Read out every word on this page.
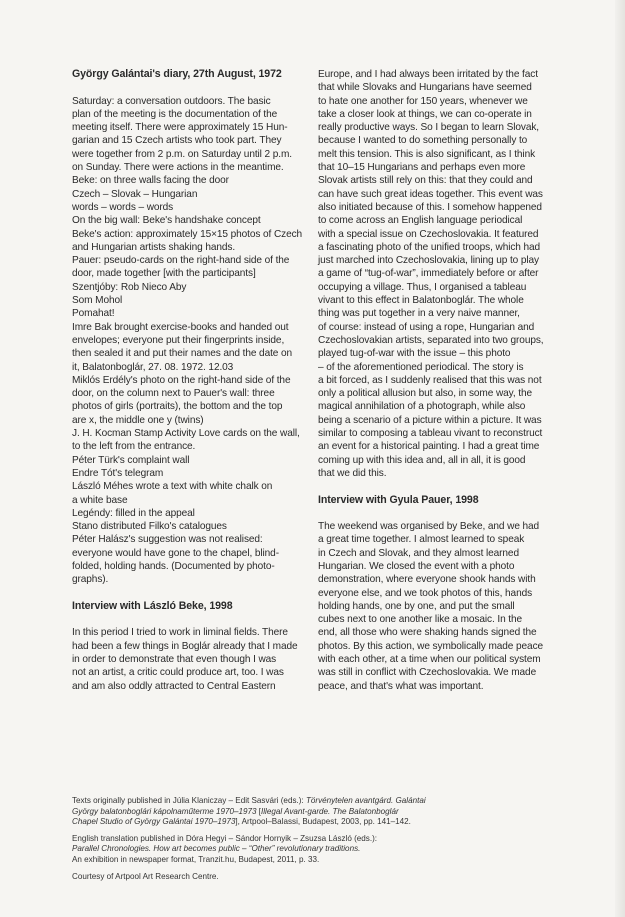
György Galántai's diary, 27th August, 1972

Saturday: a conversation outdoors. The basic

plan of the meeting is the documentation of the

meeting itself. There were approximately 15 Hun-

garian and 15 Czech artists who took part. They

were together from 2 p.m. on Saturday until 2 p.m.

on Sunday. There were actions in the meantime.

Beke: on three walls facing the door

Czech – Slovak – Hungarian

words – words – words

On the big wall: Beke's handshake concept

Beke's action: approximately 15×15 photos of Czech

and Hungarian artists shaking hands.

Pauer: pseudo-cards on the right-hand side of the

door, made together [with the participants]

Szentjóby: Rob Nieco Aby

Som Mohol

Pomahat!

Imre Bak brought exercise-books and handed out

envelopes; everyone put their fingerprints inside,

then sealed it and put their names and the date on

it, Balatonboglár, 27. 08. 1972. 12.03

Miklós Erdély's photo on the right-hand side of the

door, on the column next to Pauer's wall: three

photos of girls (portraits), the bottom and the top

are x, the middle one y (twins)

J. H. Kocman Stamp Activity Love cards on the wall,

to the left from the entrance.

Péter Türk's complaint wall

Endre Tót's telegram

László Méhes wrote a text with white chalk on

a white base

Legéndy: filled in the appeal

Stano distributed Filko's catalogues

Péter Halász's suggestion was not realised:

everyone would have gone to the chapel, blind-

folded, holding hands. (Documented by photo-

graphs).

Interview with László Beke, 1998

In this period I tried to work in liminal fields. There

had been a few things in Boglár already that I made

in order to demonstrate that even though I was

not an artist, a critic could produce art, too. I was

and am also oddly attracted to Central Eastern

Europe, and I had always been irritated by the fact

that while Slovaks and Hungarians have seemed

to hate one another for 150 years, whenever we

take a closer look at things, we can co-operate in

really productive ways. So I began to learn Slovak,

because I wanted to do something personally to

melt this tension. This is also significant, as I think

that 10–15 Hungarians and perhaps even more

Slovak artists still rely on this: that they could and

can have such great ideas together. This event was

also initiated because of this. I somehow happened

to come across an English language periodical

with a special issue on Czechoslovakia. It featured

a fascinating photo of the unified troops, which had

just marched into Czechoslovakia, lining up to play

a game of “tug-of-war”, immediately before or after

occupying a village. Thus, I organised a tableau

vivant to this effect in Balatonboglár. The whole

thing was put together in a very naive manner,

of course: instead of using a rope, Hungarian and

Czechoslovakian artists, separated into two groups,

played tug-of-war with the issue – this photo

– of the aforementioned periodical. The story is

a bit forced, as I suddenly realised that this was not

only a political allusion but also, in some way, the

magical annihilation of a photograph, while also

being a scenario of a picture within a picture. It was

similar to composing a tableau vivant to reconstruct

an event for a historical painting. I had a great time

coming up with this idea and, all in all, it is good

that we did this.

Interview with Gyula Pauer, 1998

The weekend was organised by Beke, and we had

a great time together. I almost learned to speak

in Czech and Slovak, and they almost learned

Hungarian. We closed the event with a photo

demonstration, where everyone shook hands with

everyone else, and we took photos of this, hands

holding hands, one by one, and put the small

cubes next to one another like a mosaic. In the

end, all those who were shaking hands signed the

photos. By this action, we symbolically made peace

with each other, at a time when our political system

was still in conflict with Czechoslovakia. We made

peace, and that's what was important.

Texts originally published in Júlia Klaniczay – Edit Sasvári (eds.): Törvénytelen avantgárd. Galántai

György balatonboglári kápolnaműterme 1970–1973 [Illegal Avant-garde. The Balatonboglár

Chapel Studio of György Galántai 1970–1973], Artpool–Balassi, Budapest, 2003, pp. 141–142.

English translation published in Dóra Hegyi – Sándor Hornyik – Zsuzsa László (eds.):

Parallel Chronologies. How art becomes public – “Other” revolutionary traditions.

An exhibition in newspaper format, Tranzit.hu, Budapest, 2011, p. 33.

Courtesy of Artpool Art Research Centre.
